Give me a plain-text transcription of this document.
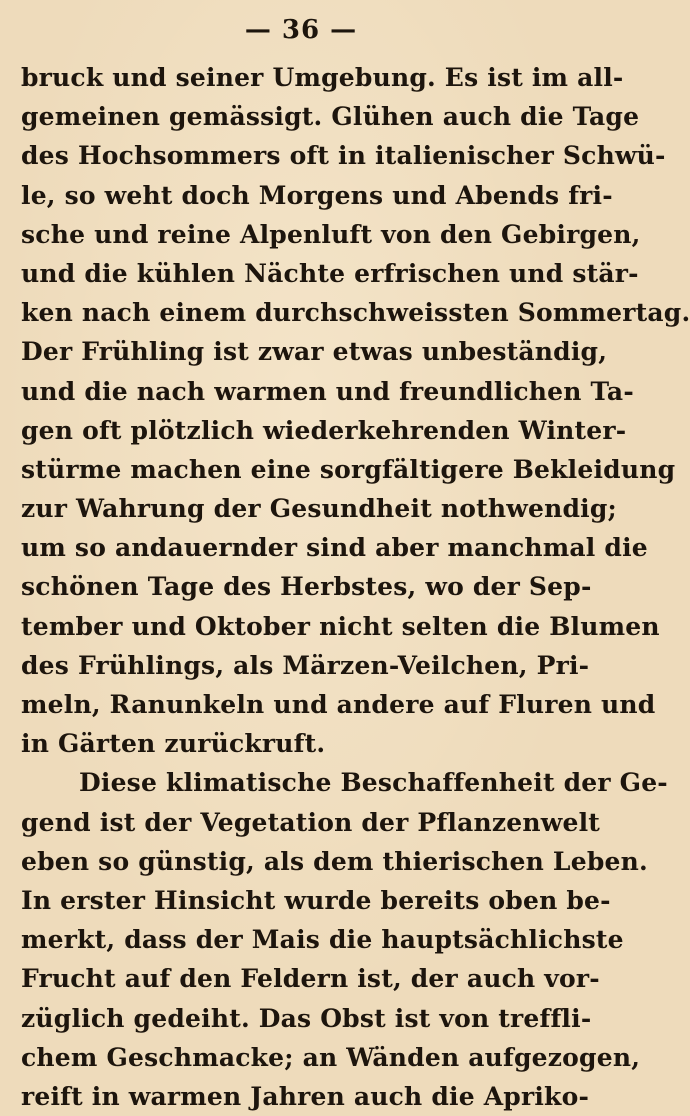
— 36 —
bruck und seiner Umgebung. Es ist im all-
gemeinen gemässigt. Glühen auch die Tage
des Hochsommers oft in italienischer Schwü-
le, so weht doch Morgens und Abends fri-
sche und reine Alpenluft von den Gebirgen,
und die kühlen Nächte erfrischen und stär-
ken nach einem durchschweissten Sommertag.
Der Frühling ist zwar etwas unbeständig,
und die nach warmen und freundlichen Ta-
gen oft plötzlich wiederkehrenden Winter-
stürme machen eine sorgfältigere Bekleidung
zur Wahrung der Gesundheit nothwendig;
um so andauernder sind aber manchmal die
schönen Tage des Herbstes, wo der Sep-
tember und Oktober nicht selten die Blumen
des Frühlings, als Märzen-Veilchen, Pri-
meln, Ranunkeln und andere auf Fluren und
in Gärten zurückruft.
Diese klimatische Beschaffenheit der Ge-
gend ist der Vegetation der Pflanzenwelt
eben so günstig, als dem thierischen Leben.
In erster Hinsicht wurde bereits oben be-
merkt, dass der Mais die hauptsächlichste
Frucht auf den Feldern ist, der auch vor-
züglich gedeiht. Das Obst ist von treffli-
chem Geschmacke; an Wänden aufgezogen,
reift in warmen Jahren auch die Apriko-
